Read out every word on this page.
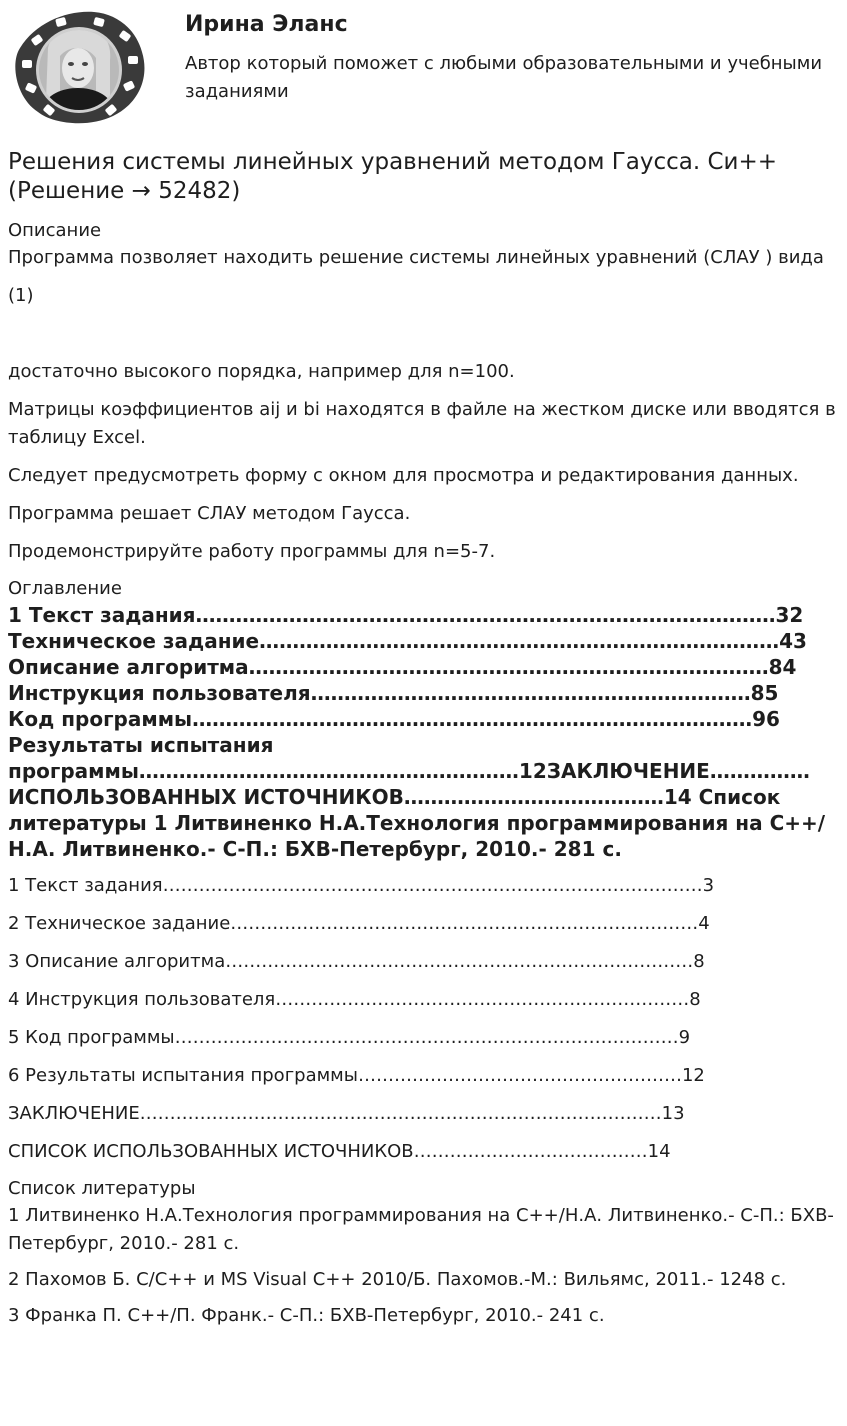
Ирина Эланс

Автор который поможет с любыми образовательными и учебными заданиями

Решения системы линейных уравнений методом Гаусса. Си++ (Решение → 52482)
Описание

Программа позволяет находить решение системы линейных уравнений (СЛАУ ) вида

(1)

достаточно высокого порядка, например для n=100.

Матрицы коэффициентов aij и bi находятся в файле на жестком диске или вводятся в таблицу Excel.

Следует предусмотреть форму с окном для просмотра и редактирования данных.

Программа решает СЛАУ методом Гаусса.

Продемонстрируйте работу программы для n=5-7.

Оглавление
1 Текст задания……………………………………………………………………………32
Техническое задание……………………………………………………………………43
Описание алгоритма……………………………………………………………………84
Инструкция пользователя…………………………………………………………85
Код программы…………………………………………………………………………96
Результаты испытания
программы…………………………………………………12ЗАКЛЮЧЕНИЕ……………
ИСПОЛЬЗОВАННЫХ ИСТОЧНИКОВ…………………………………14 Список литературы 1 Литвиненко Н.А.Технология программирования на С++/Н.А. Литвиненко.- С-П.: БХВ-Петербург, 2010.- 281 с.
1 Текст задания………………………………………………………………………………3
2 Техническое задание……………………………………………………………………4
3 Описание алгоритма……………………………………………………………………8
4 Инструкция пользователя……………………………………………………………8
5 Код программы…………………………………………………………………………9
6 Результаты испытания программы………………………………………………12
ЗАКЛЮЧЕНИЕ……………………………………………………………………………13
СПИСОК ИСПОЛЬЗОВАННЫХ ИСТОЧНИКОВ…………………………………14
Список литературы

1 Литвиненко Н.А.Технология программирования на С++/Н.А. Литвиненко.- С-П.: БХВ-Петербург, 2010.- 281 с.

2 Пахомов Б. С/С++ и MS Visual C++ 2010/Б. Пахомов.-М.: Вильямс, 2011.- 1248 с.

3 Франка П. С++/П. Франк.- С-П.: БХВ-Петербург, 2010.- 241 с.
